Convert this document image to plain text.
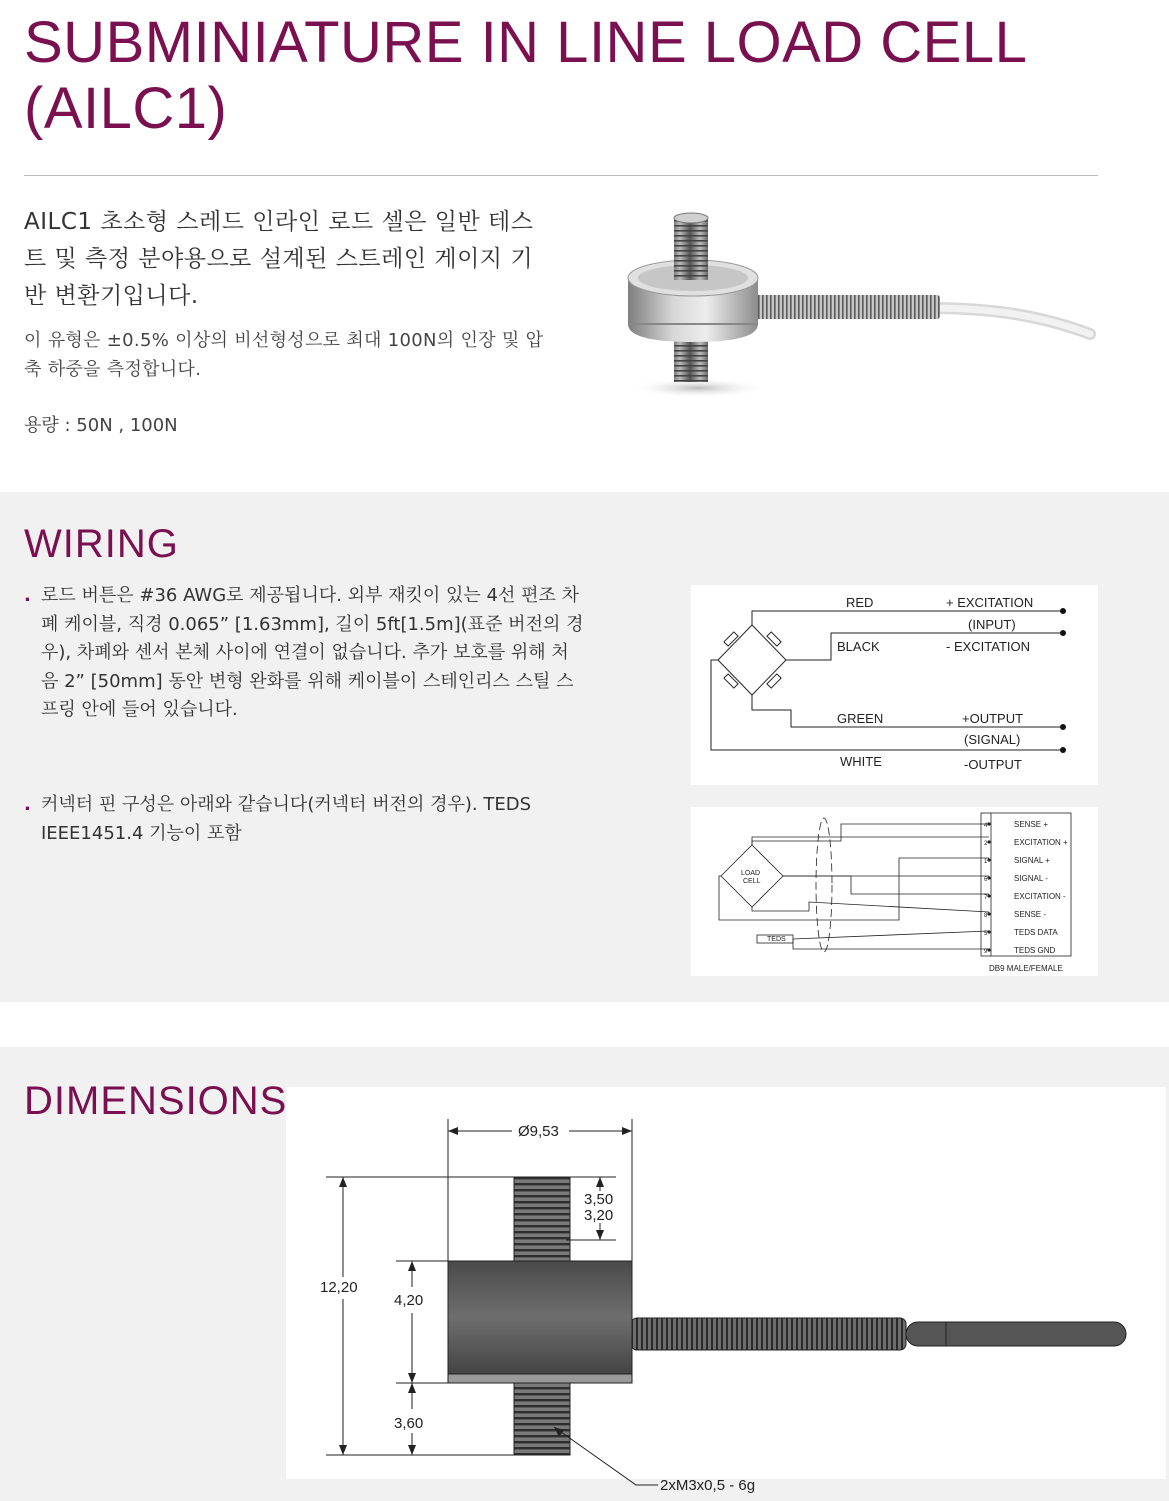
SUBMINIATURE IN LINE LOAD CELL
(AILC1)

AILC1 초소형 스레드 인라인 로드 셀은 일반 테스트 및 측정 분야용으로 설계된 스트레인 게이지 기반 변환기입니다.

이 유형은 ±0.5% 이상의 비선형성으로 최대 100N의 인장 및 압축 하중을 측정합니다.

용량 : 50N , 100N

WIRING
. 로드 버튼은 #36 AWG로 제공됩니다. 외부 재킷이 있는 4선 편조 차폐 케이블, 직경 0.065” [1.63mm], 길이 5ft[1.5m](표준 버전의 경우), 차폐와 센서 본체 사이에 연결이 없습니다. 추가 보호를 위해 처음 2” [50mm] 동안 변형 완화를 위해 케이블이 스테인리스 스틸 스프링 안에 들어 있습니다.
. 커넥터 핀 구성은 아래와 같습니다(커넥터 버전의 경우). TEDS IEEE1451.4 기능이 포함
RED
BLACK
GREEN
WHITE
+ EXCITATION
(INPUT)
- EXCITATION
+OUTPUT
(SIGNAL)
-OUTPUT
LOAD
CELL
TEDS
DB9 MALE/FEMALE
4	SENSE +
2	EXCITATION +
1	SIGNAL +
6	SIGNAL -
7	EXCITATION -
8	SENSE -
5	TEDS DATA
9	TEDS GND
DIMENSIONS
Ø9,53
3,50
3,20
12,20
4,20
3,60
2xM3x0,5 - 6g
